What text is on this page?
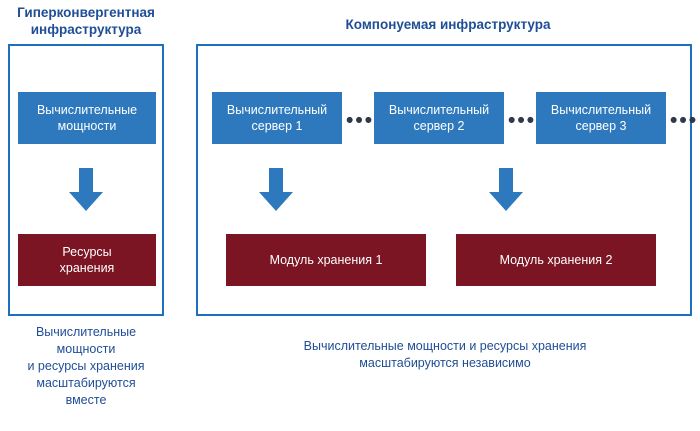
Гиперконвергентная
инфраструктура	Компонуемая инфраструктура
Вычислительные
мощности
Ресурсы
хранения
Вычислительный
сервер 1	••• Вычислительный
сервер 2	••• Вычислительный
сервер 3	•••
Модуль хранения 1	Модуль хранения 2
Вычислительные
мощности
и ресурсы хранения
масштабируются
вместе
Вычислительные мощности и ресурсы хранения
масштабируются независимо
